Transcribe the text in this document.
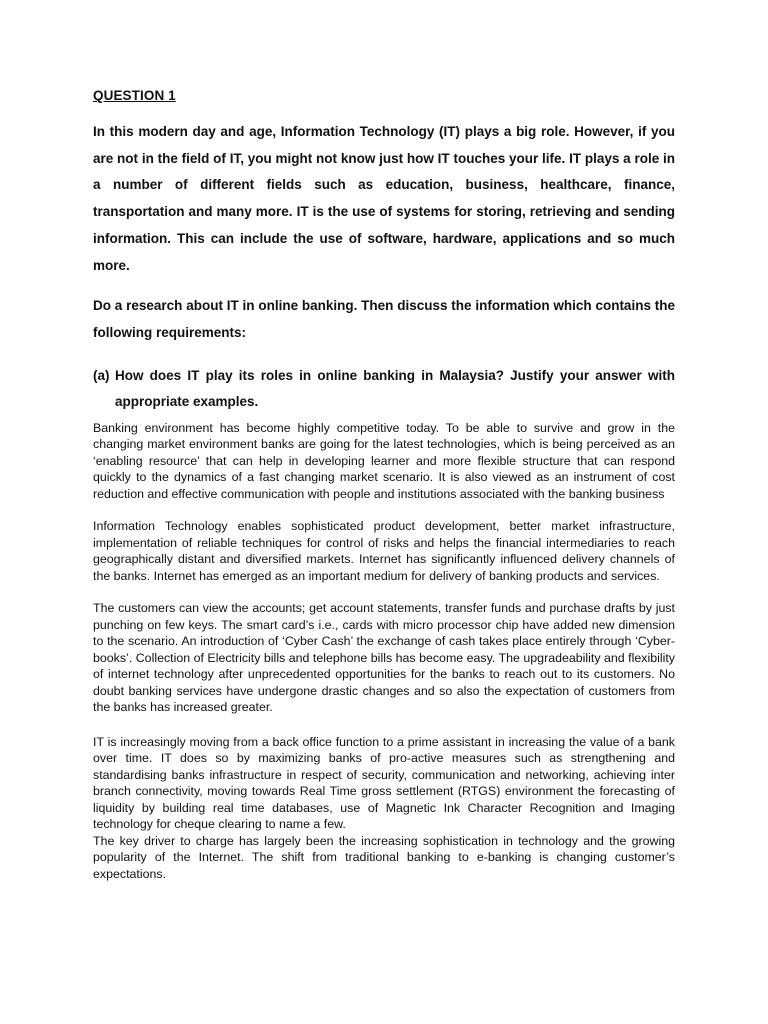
QUESTION 1

In this modern day and age, Information Technology (IT) plays a big role. However, if you are not in the field of IT, you might not know just how IT touches your life. IT plays a role in a number of different fields such as education, business, healthcare, finance, transportation and many more. IT is the use of systems for storing, retrieving and sending information. This can include the use of software, hardware, applications and so much more.

Do a research about IT in online banking. Then discuss the information which contains the following requirements:

(a) How does IT play its roles in online banking in Malaysia? Justify your answer with appropriate examples.

Banking environment has become highly competitive today. To be able to survive and grow in the changing market environment banks are going for the latest technologies, which is being perceived as an ‘enabling resource’ that can help in developing learner and more flexible structure that can respond quickly to the dynamics of a fast changing market scenario. It is also viewed as an instrument of cost reduction and effective communication with people and institutions associated with the banking business

Information Technology enables sophisticated product development, better market infrastructure, implementation of reliable techniques for control of risks and helps the financial intermediaries to reach geographically distant and diversified markets. Internet has significantly influenced delivery channels of the banks. Internet has emerged as an important medium for delivery of banking products and services.

The customers can view the accounts; get account statements, transfer funds and purchase drafts by just punching on few keys. The smart card’s i.e., cards with micro processor chip have added new dimension to the scenario. An introduction of ‘Cyber Cash’ the exchange of cash takes place entirely through ‘Cyber-books’. Collection of Electricity bills and telephone bills has become easy. The upgradeability and flexibility of internet technology after unprecedented opportunities for the banks to reach out to its customers. No doubt banking services have undergone drastic changes and so also the expectation of customers from the banks has increased greater.

IT is increasingly moving from a back office function to a prime assistant in increasing the value of a bank over time. IT does so by maximizing banks of pro-active measures such as strengthening and standardising banks infrastructure in respect of security, communication and networking, achieving inter branch connectivity, moving towards Real Time gross settlement (RTGS) environment the forecasting of liquidity by building real time databases, use of Magnetic Ink Character Recognition and Imaging technology for cheque clearing to name a few.

The key driver to charge has largely been the increasing sophistication in technology and the growing popularity of the Internet. The shift from traditional banking to e-banking is changing customer’s expectations.
